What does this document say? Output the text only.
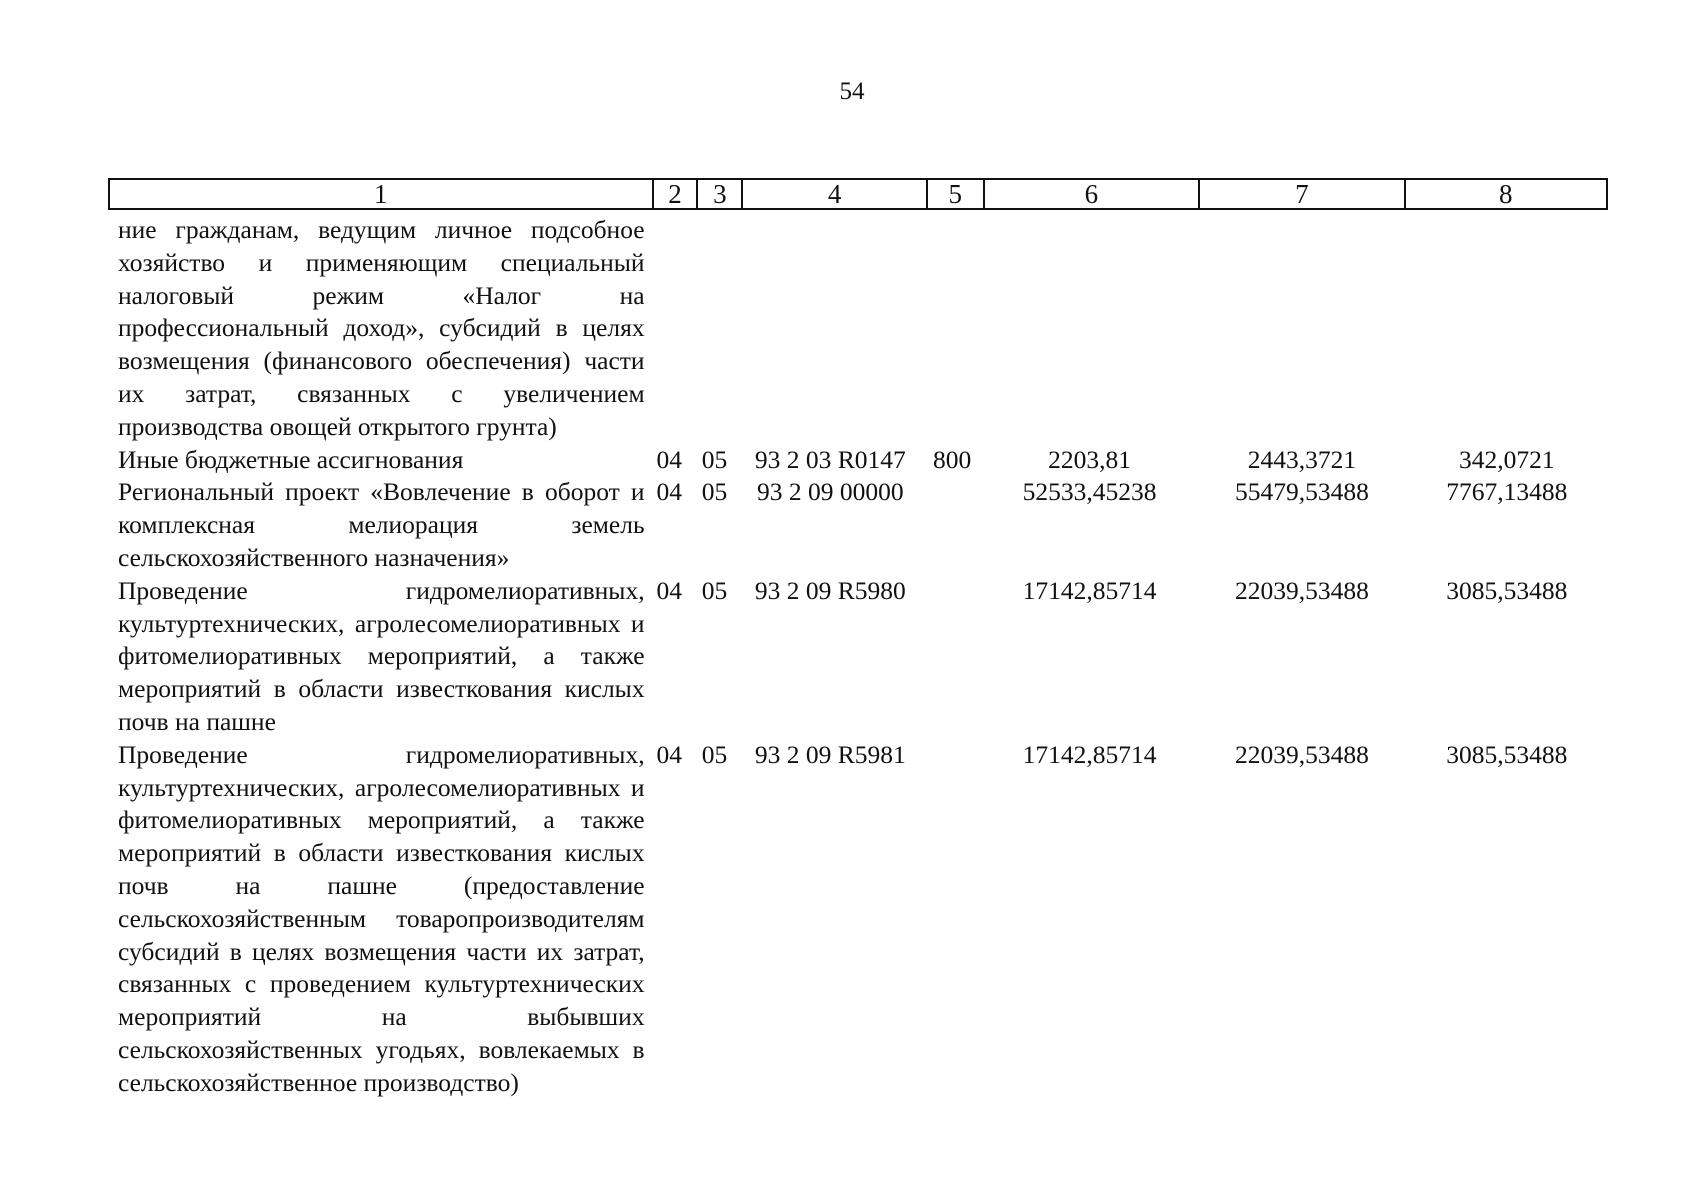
54
1	2	3	4	5	6	7	8
ние гражданам, ведущим личное подсобное хозяйство и применяющим специальный налоговый режим «Налог на профессиональный доход», субсидий в целях возмещения (финансового обеспечения) части их затрат, связанных с увеличением производства овощей открытого грунта)							
Иные бюджетные ассигнования	04	05	93 2 03 R0147	800	2203,81	2443,3721	342,0721
Региональный проект «Вовлечение в оборот и комплексная мелиорация земель сельскохозяйственного назначения»	04	05	93 2 09 00000		52533,45238	55479,53488	7767,13488
Проведение гидромелиоративных, культуртехнических, агролесомелиоративных и фитомелиоративных мероприятий, а также мероприятий в области известкования кислых почв на пашне	04	05	93 2 09 R5980		17142,85714	22039,53488	3085,53488
Проведение гидромелиоративных, культуртехнических, агролесомелиоративных и фитомелиоративных мероприятий, а также мероприятий в области известкования кислых почв на пашне (предоставление сельскохозяйственным товаропроизводителям субсидий в целях возмещения части их затрат, связанных с проведением культуртехнических мероприятий на выбывших сельскохозяйственных угодьях, вовлекаемых в сельскохозяйственное производство)	04	05	93 2 09 R5981		17142,85714	22039,53488	3085,53488
